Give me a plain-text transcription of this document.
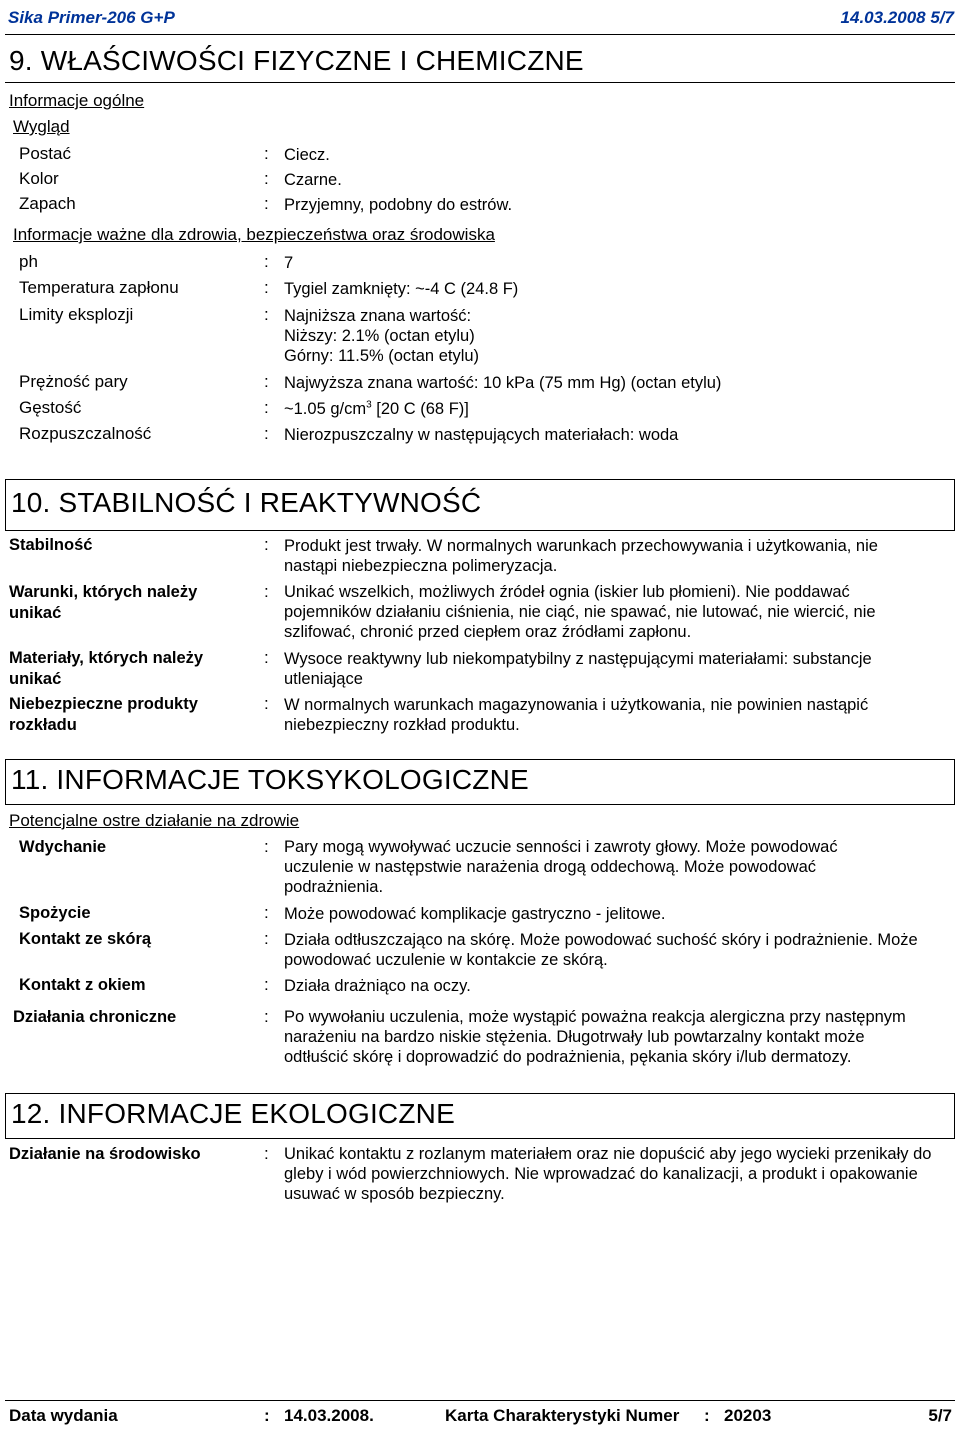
Sika Primer-206 G+P	14.03.2008 5/7
9. WŁAŚCIWOŚCI FIZYCZNE I CHEMICZNE
Informacje ogólne
Wygląd
Postać	: Ciecz.
Kolor	: Czarne.
Zapach	: Przyjemny, podobny do estrów.
Informacje ważne dla zdrowia, bezpieczeństwa oraz środowiska
ph	: 7
Temperatura zapłonu	: Tygiel zamknięty: ~-4 C (24.8 F)
Limity eksplozji	: Najniższa znana wartość:
Niższy: 2.1% (octan etylu)
Górny: 11.5% (octan etylu)
Prężność pary	: Najwyższa znana wartość: 10 kPa (75 mm Hg) (octan etylu)
Gęstość	: ~1.05 $g/cm^3$ [20 C (68 F)]
Rozpuszczalność	: Nierozpuszczalny w następujących materiałach: woda
10. STABILNOŚĆ I REAKTYWNOŚĆ
Stabilność	: Produkt jest trwały. W normalnych warunkach przechowywania i użytkowania, nie nastąpi niebezpieczna polimeryzacja.
Warunki, których należy unikać
: Unikać wszelkich, możliwych źródeł ognia (iskier lub płomieni). Nie poddawać pojemników działaniu ciśnienia, nie ciąć, nie spawać, nie lutować, nie wiercić, nie szlifować, chronić przed ciepłem oraz źródłami zapłonu.
Materiały, których należy unikać
: Wysoce reaktywny lub niekompatybilny z następującymi materiałami: substancje utleniające
Niebezpieczne produkty rozkładu
: W normalnych warunkach magazynowania i użytkowania, nie powinien nastąpić niebezpieczny rozkład produktu.
11. INFORMACJE TOKSYKOLOGICZNE
Potencjalne ostre działanie na zdrowie
Wdychanie	: Pary mogą wywoływać uczucie senności i zawroty głowy. Może powodować uczulenie w następstwie narażenia drogą oddechową. Może powodować podrażnienia.
Spożycie	: Może powodować komplikacje gastryczno - jelitowe.
Kontakt ze skórą	: Działa odtłuszczająco na skórę. Może powodować suchość skóry i podrażnienie. Może powodować uczulenie w kontakcie ze skórą.
Kontakt z okiem	: Działa drażniąco na oczy.
Działania chroniczne	: Po wywołaniu uczulenia, może wystąpić poważna reakcja alergiczna przy następnym narażeniu na bardzo niskie stężenia. Długotrwały lub powtarzalny kontakt może odtłuścić skórę i doprowadzić do podrażnienia, pękania skóry i/lub dermatozy.
12. INFORMACJE EKOLOGICZNE
Działanie na środowisko	: Unikać kontaktu z rozlanym materiałem oraz nie dopuścić aby jego wycieki przenikały do gleby i wód powierzchniowych. Nie wprowadzać do kanalizacji, a produkt i opakowanie usuwać w sposób bezpieczny.
Data wydania	: 14.03.2008.	Karta Charakterystyki Numer : 20203	5/7
